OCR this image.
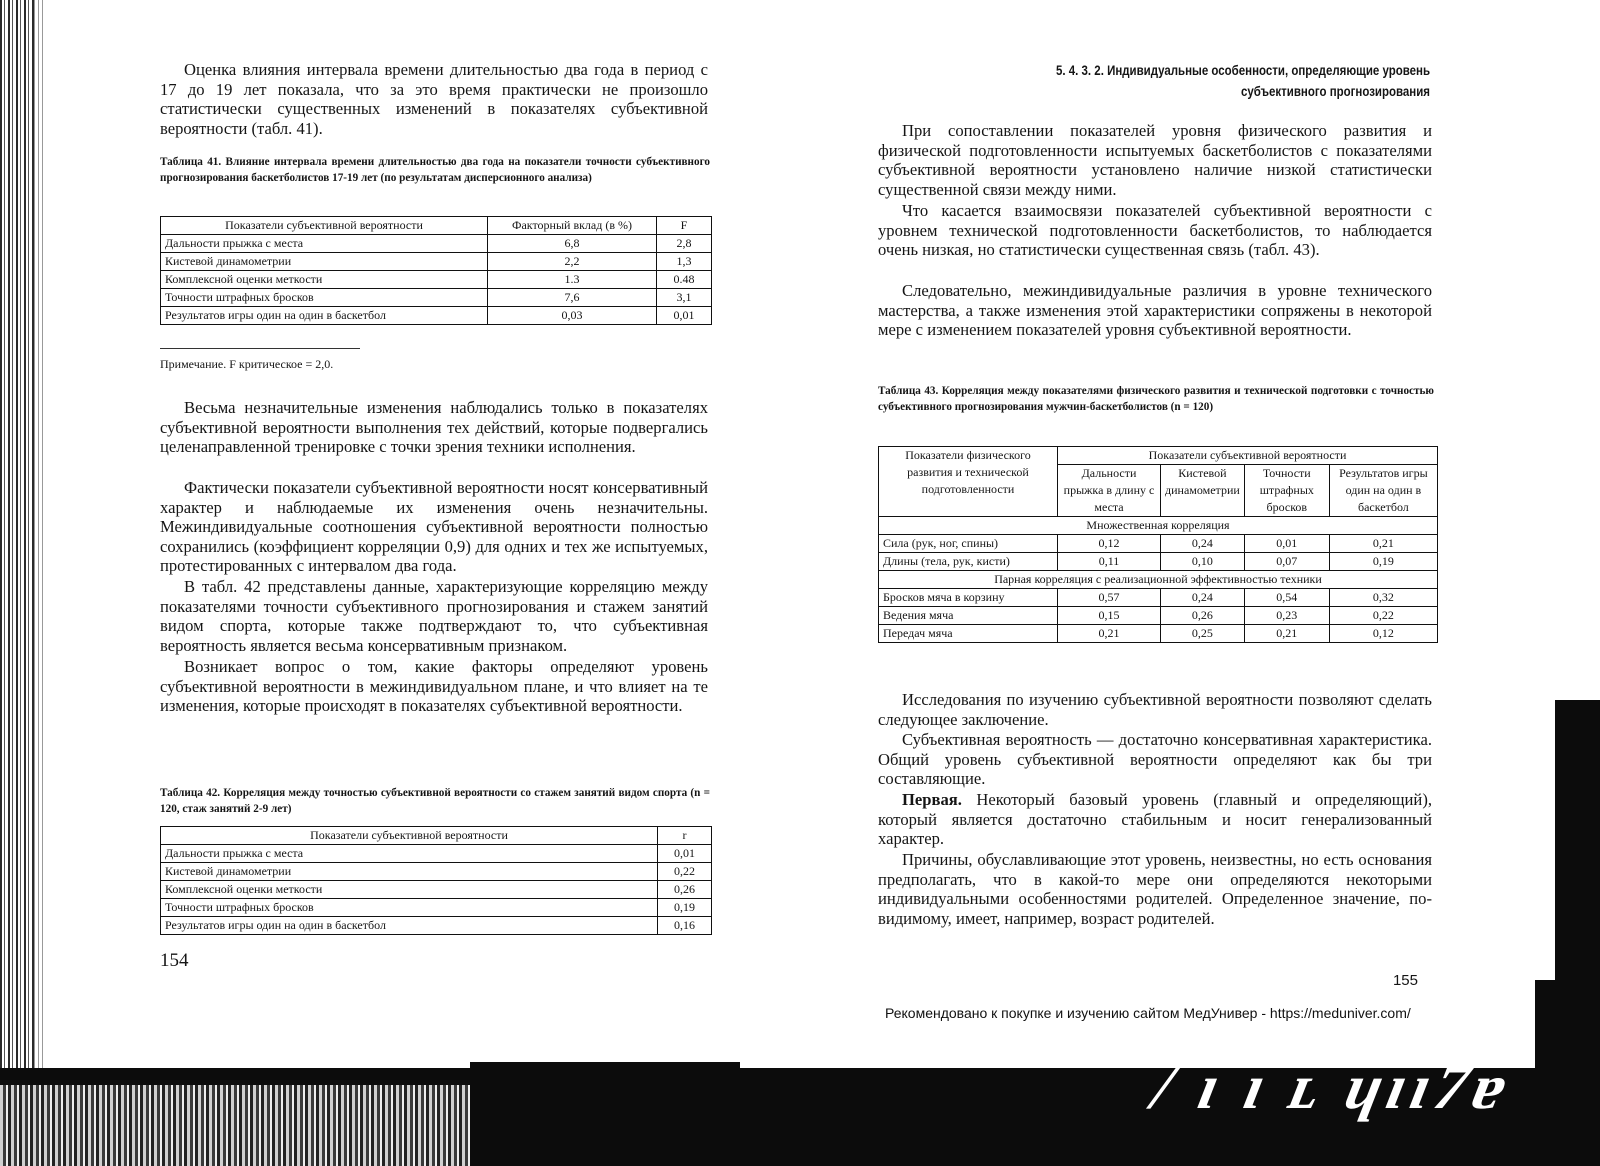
Оценка влияния интервала времени длительностью два года в период с 17 до 19 лет показала, что за это время практически не произошло статистически существенных изменений в показателях субъективной вероятности (табл. 41).

Таблица 41. Влияние интервала времени длительностью два года на показатели точности субъективного прогнозирования баскетболистов 17-19 лет (по результатам дисперсионного анализа)

Показатели субъективной вероятности	Факторный вклад (в %)	F
Дальности прыжка с места	6,8	2,8
Кистевой динамометрии	2,2	1,3
Комплексной оценки меткости	1.3	0.48
Точности штрафных бросков	7,6	3,1
Результатов игры один на один в баскетбол	0,03	0,01

Примечание. F критическое = 2,0.

Весьма незначительные изменения наблюдались только в показателях субъективной вероятности выполнения тех действий, которые подвергались целенаправленной тренировке с точки зрения техники исполнения.

Фактически показатели субъективной вероятности носят консервативный характер и наблюдаемые их изменения очень незначительны. Межиндивидуальные соотношения субъективной вероятности полностью сохранились (коэффициент корреляции 0,9) для одних и тех же испытуемых, протестированных с интервалом два года.

В табл. 42 представлены данные, характеризующие корреляцию между показателями точности субъективного прогнозирования и стажем занятий видом спорта, которые также подтверждают то, что субъективная вероятность является весьма консервативным признаком.

Возникает вопрос о том, какие факторы определяют уровень субъективной вероятности в межиндивидуальном плане, и что влияет на те изменения, которые происходят в показателях субъективной вероятности.

Таблица 42. Корреляция между точностью субъективной вероятности со стажем занятий видом спорта (n = 120, стаж занятий 2-9 лет)

Показатели субъективной вероятности	r
Дальности прыжка с места	0,01
Кистевой динамометрии	0,22
Комплексной оценки меткости	0,26
Точности штрафных бросков	0,19
Результатов игры один на один в баскетбол	0,16
154
5. 4. 3. 2. Индивидуальные особенности, определяющие уровень
субъективного прогнозирования

При сопоставлении показателей уровня физического развития и физической подготовленности испытуемых баскетболистов с показателями субъективной вероятности установлено наличие низкой статистически существенной связи между ними.

Что касается взаимосвязи показателей субъективной вероятности с уровнем технической подготовленности баскетболистов, то наблюдается очень низкая, но статистически существенная связь (табл. 43).

Следовательно, межиндивидуальные различия в уровне технического мастерства, а также изменения этой характеристики сопряжены в некоторой мере с изменением показателей уровня субъективной вероятности.

Таблица 43. Корреляция между показателями физического развития и технической подготовки с точностью субъективного прогнозирования мужчин-баскетболистов (n = 120)

Показатели физического развития и технической подготовленности	Показатели субъективной вероятности			
	Дальности прыжка в длину с места	Кистевой динамометрии	Точности штрафных бросков	Результатов игры один на один в баскетбол
Множественная корреляция				
Сила (рук, ног, спины)	0,12	0,24	0,01	0,21
Длины (тела, рук, кисти)	0,11	0,10	0,07	0,19
Парная корреляция с реализационной эффективностью техники				
Бросков мяча в корзину	0,57	0,24	0,54	0,32
Ведения мяча	0,15	0,26	0,23	0,22
Передач мяча	0,21	0,25	0,21	0,12

Исследования по изучению субъективной вероятности позволяют сделать следующее заключение.

Субъективная вероятность — достаточно консервативная характеристика. Общий уровень субъективной вероятности определяют как бы три составляющие.

Первая. Некоторый базовый уровень (главный и определяющий), который является достаточно стабильным и носит генерализованный характер.

Причины, обуславливающие этот уровень, неизвестны, но есть основания предполагать, что в какой-то мере они определяются некоторыми индивидуальными особенностями родителей. Определенное значение, по-видимому, имеет, например, возраст родителей.

155
Рекомендовано к покупке и изучению сайтом МедУнивер - https://meduniver.com/
/ ı ı ʟ ɥıı7ɐ
